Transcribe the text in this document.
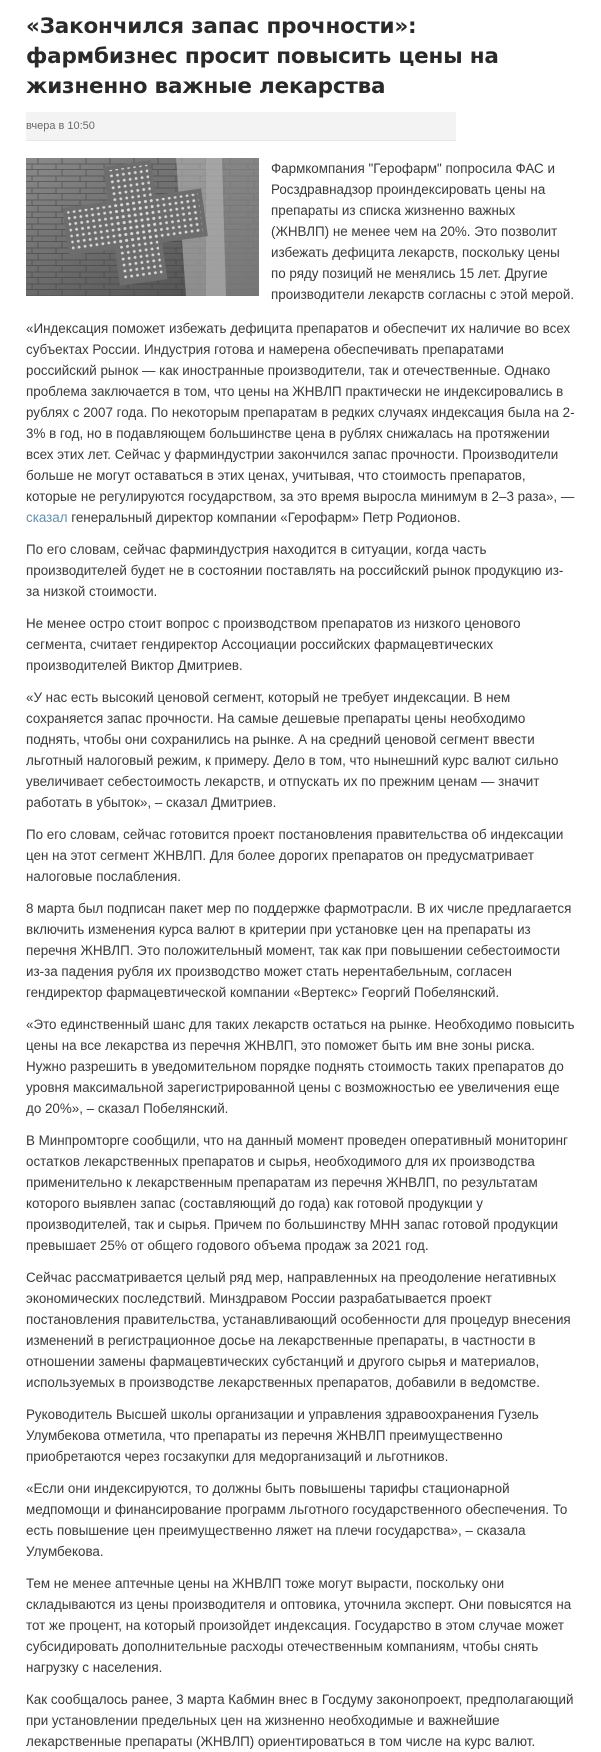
«Закончился запас прочности»: фармбизнес просит повысить цены на жизненно важные лекарства
вчера в 10:50

Фармкомпания "Герофарм" попросила ФАС и Росздравнадзор проиндексировать цены на препараты из списка жизненно важных (ЖНВЛП) не менее чем на 20%. Это позволит избежать дефицита лекарств, поскольку цены по ряду позиций не менялись 15 лет. Другие производители лекарств согласны с этой мерой.

«Индексация поможет избежать дефицита препаратов и обеспечит их наличие во всех субъектах России. Индустрия готова и намерена обеспечивать препаратами российский рынок — как иностранные производители, так и отечественные. Однако проблема заключается в том, что цены на ЖНВЛП практически не индексировались в рублях с 2007 года. По некоторым препаратам в редких случаях индексация была на 2-3% в год, но в подавляющем большинстве цена в рублях снижалась на протяжении всех этих лет. Сейчас у фарминдустрии закончился запас прочности. Производители больше не могут оставаться в этих ценах, учитывая, что стоимость препаратов, которые не регулируются государством, за это время выросла минимум в 2–3 раза», — сказал генеральный директор компании «Герофарм» Петр Родионов.

По его словам, сейчас фарминдустрия находится в ситуации, когда часть производителей будет не в состоянии поставлять на российский рынок продукцию из-за низкой стоимости.

Не менее остро стоит вопрос с производством препаратов из низкого ценового сегмента, считает гендиректор Ассоциации российских фармацевтических производителей Виктор Дмитриев.

«У нас есть высокий ценовой сегмент, который не требует индексации. В нем сохраняется запас прочности. На самые дешевые препараты цены необходимо поднять, чтобы они сохранились на рынке. А на средний ценовой сегмент ввести льготный налоговый режим, к примеру. Дело в том, что нынешний курс валют сильно увеличивает себестоимость лекарств, и отпускать их по прежним ценам — значит работать в убыток», – сказал Дмитриев.

По его словам, сейчас готовится проект постановления правительства об индексации цен на этот сегмент ЖНВЛП. Для более дорогих препаратов он предусматривает налоговые послабления.

8 марта был подписан пакет мер по поддержке фармотрасли. В их числе предлагается включить изменения курса валют в критерии при установке цен на препараты из перечня ЖНВЛП. Это положительный момент, так как при повышении себестоимости из-за падения рубля их производство может стать нерентабельным, согласен гендиректор фармацевтической компании «Вертекс» Георгий Побелянский.

«Это единственный шанс для таких лекарств остаться на рынке. Необходимо повысить цены на все лекарства из перечня ЖНВЛП, это поможет быть им вне зоны риска. Нужно разрешить в уведомительном порядке поднять стоимость таких препаратов до уровня максимальной зарегистрированной цены с возможностью ее увеличения еще до 20%», – сказал Побелянский.

В Минпромторге сообщили, что на данный момент проведен оперативный мониторинг остатков лекарственных препаратов и сырья, необходимого для их производства применительно к лекарственным препаратам из перечня ЖНВЛП, по результатам которого выявлен запас (составляющий до года) как готовой продукции у производителей, так и сырья. Причем по большинству МНН запас готовой продукции превышает 25% от общего годового объема продаж за 2021 год.

Сейчас рассматривается целый ряд мер, направленных на преодоление негативных экономических последствий. Минздравом России разрабатывается проект постановления правительства, устанавливающий особенности для процедур внесения изменений в регистрационное досье на лекарственные препараты, в частности в отношении замены фармацевтических субстанций и другого сырья и материалов, используемых в производстве лекарственных препаратов, добавили в ведомстве.

Руководитель Высшей школы организации и управления здравоохранения Гузель Улумбекова отметила, что препараты из перечня ЖНВЛП преимущественно приобретаются через госзакупки для медорганизаций и льготников.

«Если они индексируются, то должны быть повышены тарифы стационарной медпомощи и финансирование программ льготного государственного обеспечения. То есть повышение цен преимущественно ляжет на плечи государства», – сказала Улумбекова.

Тем не менее аптечные цены на ЖНВЛП тоже могут вырасти, поскольку они складываются из цены производителя и оптовика, уточнила эксперт. Они повысятся на тот же процент, на который произойдет индексация. Государство в этом случае может субсидировать дополнительные расходы отечественным компаниям, чтобы снять нагрузку с населения.

Как сообщалось ранее, 3 марта Кабмин внес в Госдуму законопроект, предполагающий при установлении предельных цен на жизненно необходимые и важнейшие лекарственные препараты (ЖНВЛП) ориентироваться в том числе на курс валют.
